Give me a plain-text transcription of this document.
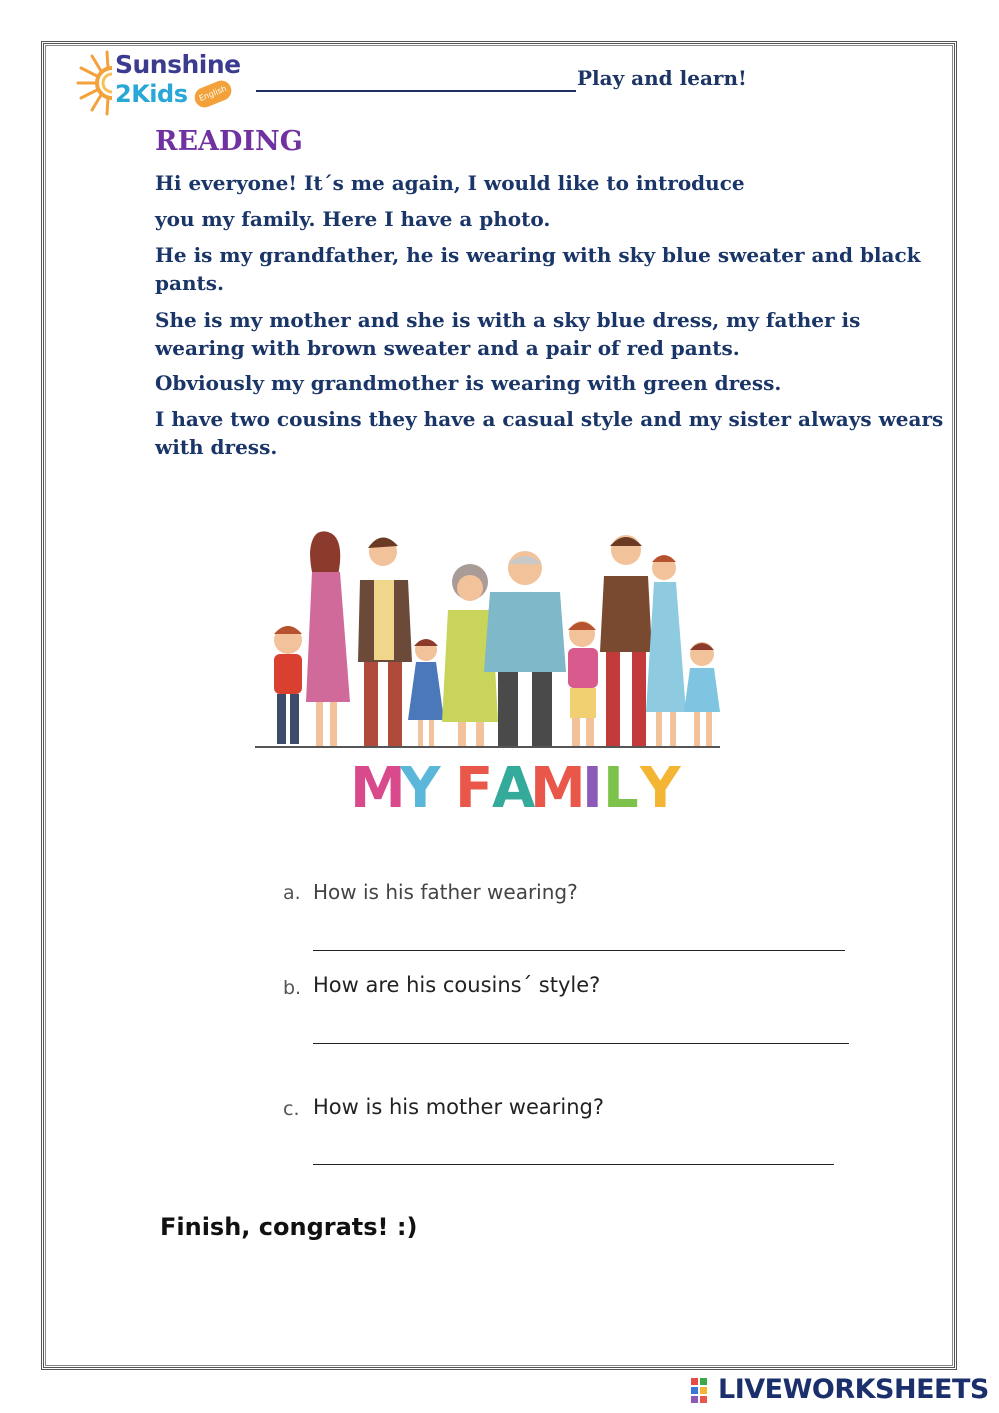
Sunshine
2Kids	English
Play and learn!
READING

Hi everyone! It´s me again, I would like to introduce

you my family. Here I have a photo.

He is my grandfather, he is wearing with sky blue sweater and black pants.

She is my mother and she is with a sky blue dress, my father is wearing with brown sweater and a pair of red pants.

Obviously my grandmother is wearing with green dress.

I have two cousins they have a casual style and my sister always wears with dress.

M
Y F
A
M
I L Y
a. How is his father wearing?
b. How are his cousins´ style?
c. How is his mother wearing?
Finish, congrats! :)
LIVEWORKSHEETS
